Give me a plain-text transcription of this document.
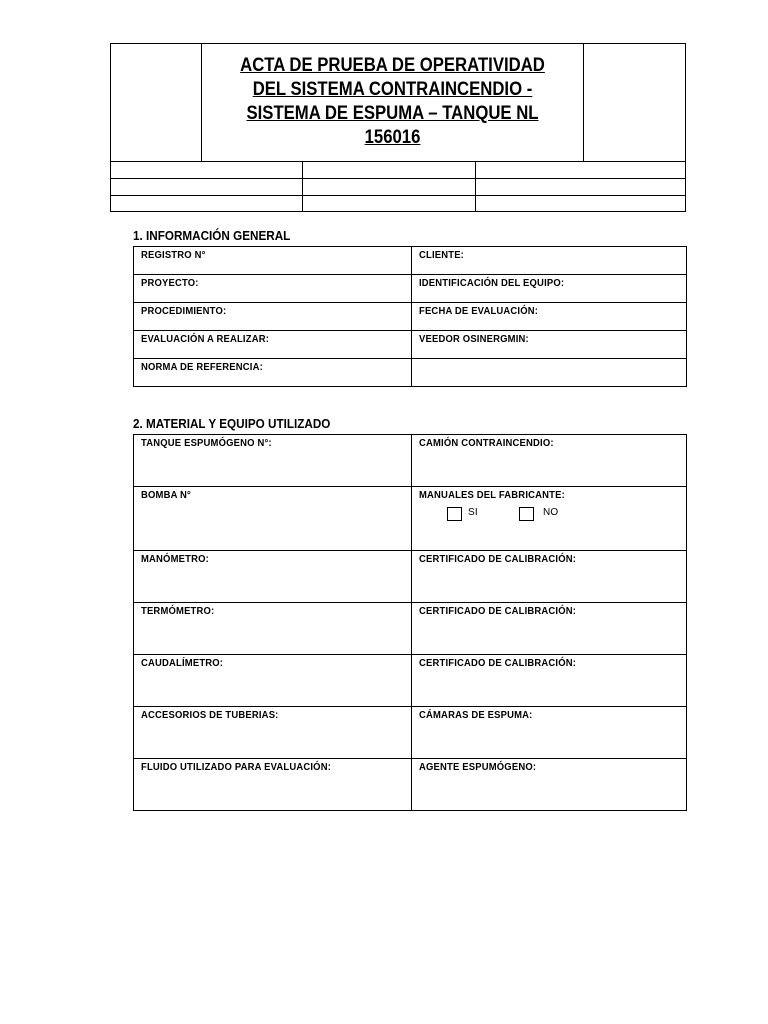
ACTA DE PRUEBA DE OPERATIVIDAD DEL SISTEMA CONTRAINCENDIO - SISTEMA DE ESPUMA – TANQUE NL 156016
1. INFORMACIÓN GENERAL
REGISTRO N°	CLIENTE:
PROYECTO:	IDENTIFICACIÓN DEL EQUIPO:
PROCEDIMIENTO:	FECHA DE EVALUACIÓN:
EVALUACIÓN A REALIZAR:	VEEDOR OSINERGMIN:
NORMA DE REFERENCIA:	
2. MATERIAL Y EQUIPO UTILIZADO
TANQUE ESPUMÓGENO N°:	CAMIÓN CONTRAINCENDIO:
BOMBA N°	MANUALES DEL FABRICANTE:
SI NO

MANÓMETRO:	CERTIFICADO DE CALIBRACIÓN:
TERMÓMETRO:	CERTIFICADO DE CALIBRACIÓN:
CAUDALÍMETRO:	CERTIFICADO DE CALIBRACIÓN:
ACCESORIOS DE TUBERIAS:	CÁMARAS DE ESPUMA:
FLUIDO UTILIZADO PARA EVALUACIÓN:	AGENTE ESPUMÓGENO:
